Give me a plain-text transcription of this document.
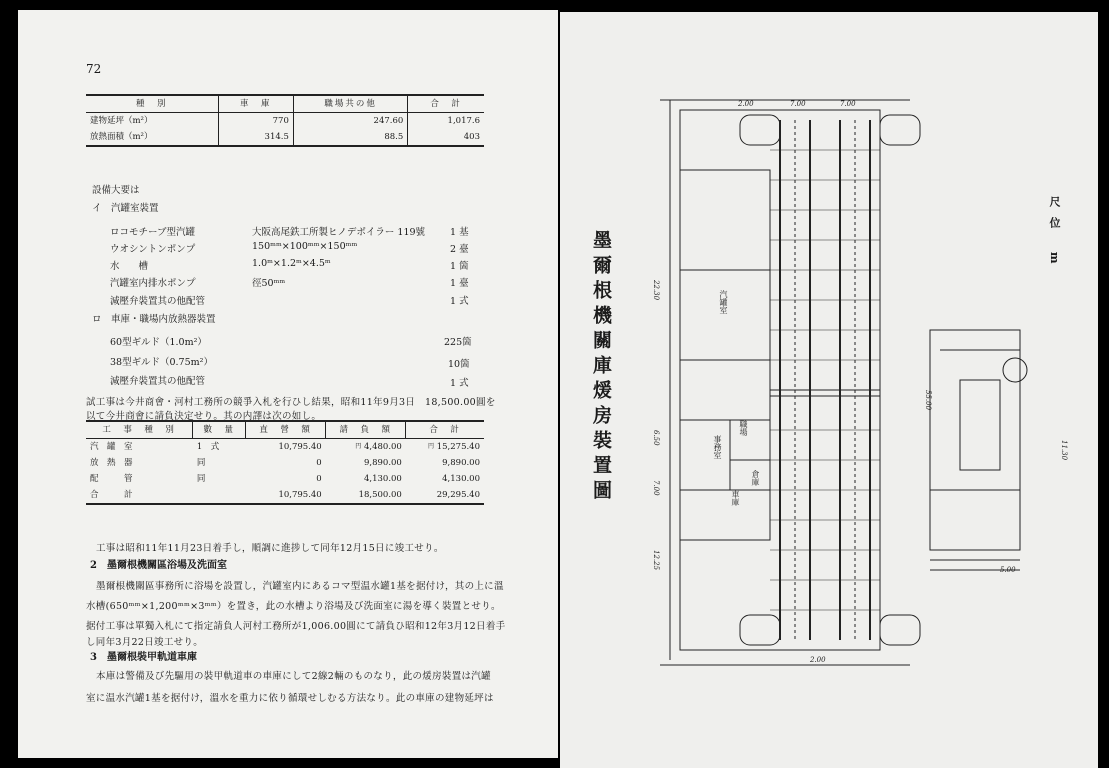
72
種　別	車　庫	職場共の他	合　計
建物延坪（m²）	770	247.60	1,017.6
放熱面積（m²）	314.5	88.5	403
設備大要は
イ　汽罐室裝置
ロコモチーブ型汽罐	大阪高尾鉄工所製ヒノデボイラー 119號	1 基
ウオシントンポンプ	150ᵐᵐ×100ᵐᵐ×150ᵐᵐ	2 臺
水　　槽	1.0ᵐ×1.2ᵐ×4.5ᵐ	1 箇
汽罐室内排水ポンプ	徑50ᵐᵐ	1 臺
減壓弁裝置其の他配管	1 式
ロ　車庫・職場内放熱器裝置
60型ギルド（1.0m²）	225箇
38型ギルド（0.75m²）	10箇
減壓弁裝置其の他配管	1 式
試工事は今井商會・河村工務所の競爭入札を行ひし結果，昭和11年9月3日　18,500.00圓を
以て今井商會に請負決定せり。其の内譯は次の如し。
工　事　種　別	數　量	直　營　額	請　負　額	合　計
汽　罐　室	1　式	10,795.40	$^円$ 4,480.00	$^円$ 15,275.40
放　熱　器	同	0	9,890.00	9,890.00
配　　　管	同	0	4,130.00	4,130.00
合　　　計		10,795.40	18,500.00	29,295.40
工事は昭和11年11月23日着手し，順調に進捗して同年12月15日に竣工せり。
2　墨爾根機關區浴場及洗面室
墨爾根機關區事務所に浴場を設置し，汽罐室内にあるコマ型温水罐1基を据付け，其の上に溫
水槽(650ᵐᵐ×1,200ᵐᵐ×3ᵐᵐ）を置き，此の水槽より浴場及び洗面室に湯を導く裝置とせり。
据付工事は單獨入札にて指定請負人河村工務所が1,006.00圓にて請負ひ昭和12年3月12日着手
し同年3月22日竣工せり。
3　墨爾根裝甲軌道車庫
本庫は警備及び先驅用の裝甲軌道車の車庫にして2線2輛のものなり，此の煖房裝置は汽罐
室に温水汽罐1基を据付け，溫水を重力に依り循環せしむる方法なり。此の車庫の建物延坪は
墨爾根機關庫煖房裝置圖	尺位 m
汽罐室
職場
事務室
倉庫
車庫
2.00	7.00	7.00
22.30
55.00
11.30
5.00
6.50
7.00
12.25
2.00
